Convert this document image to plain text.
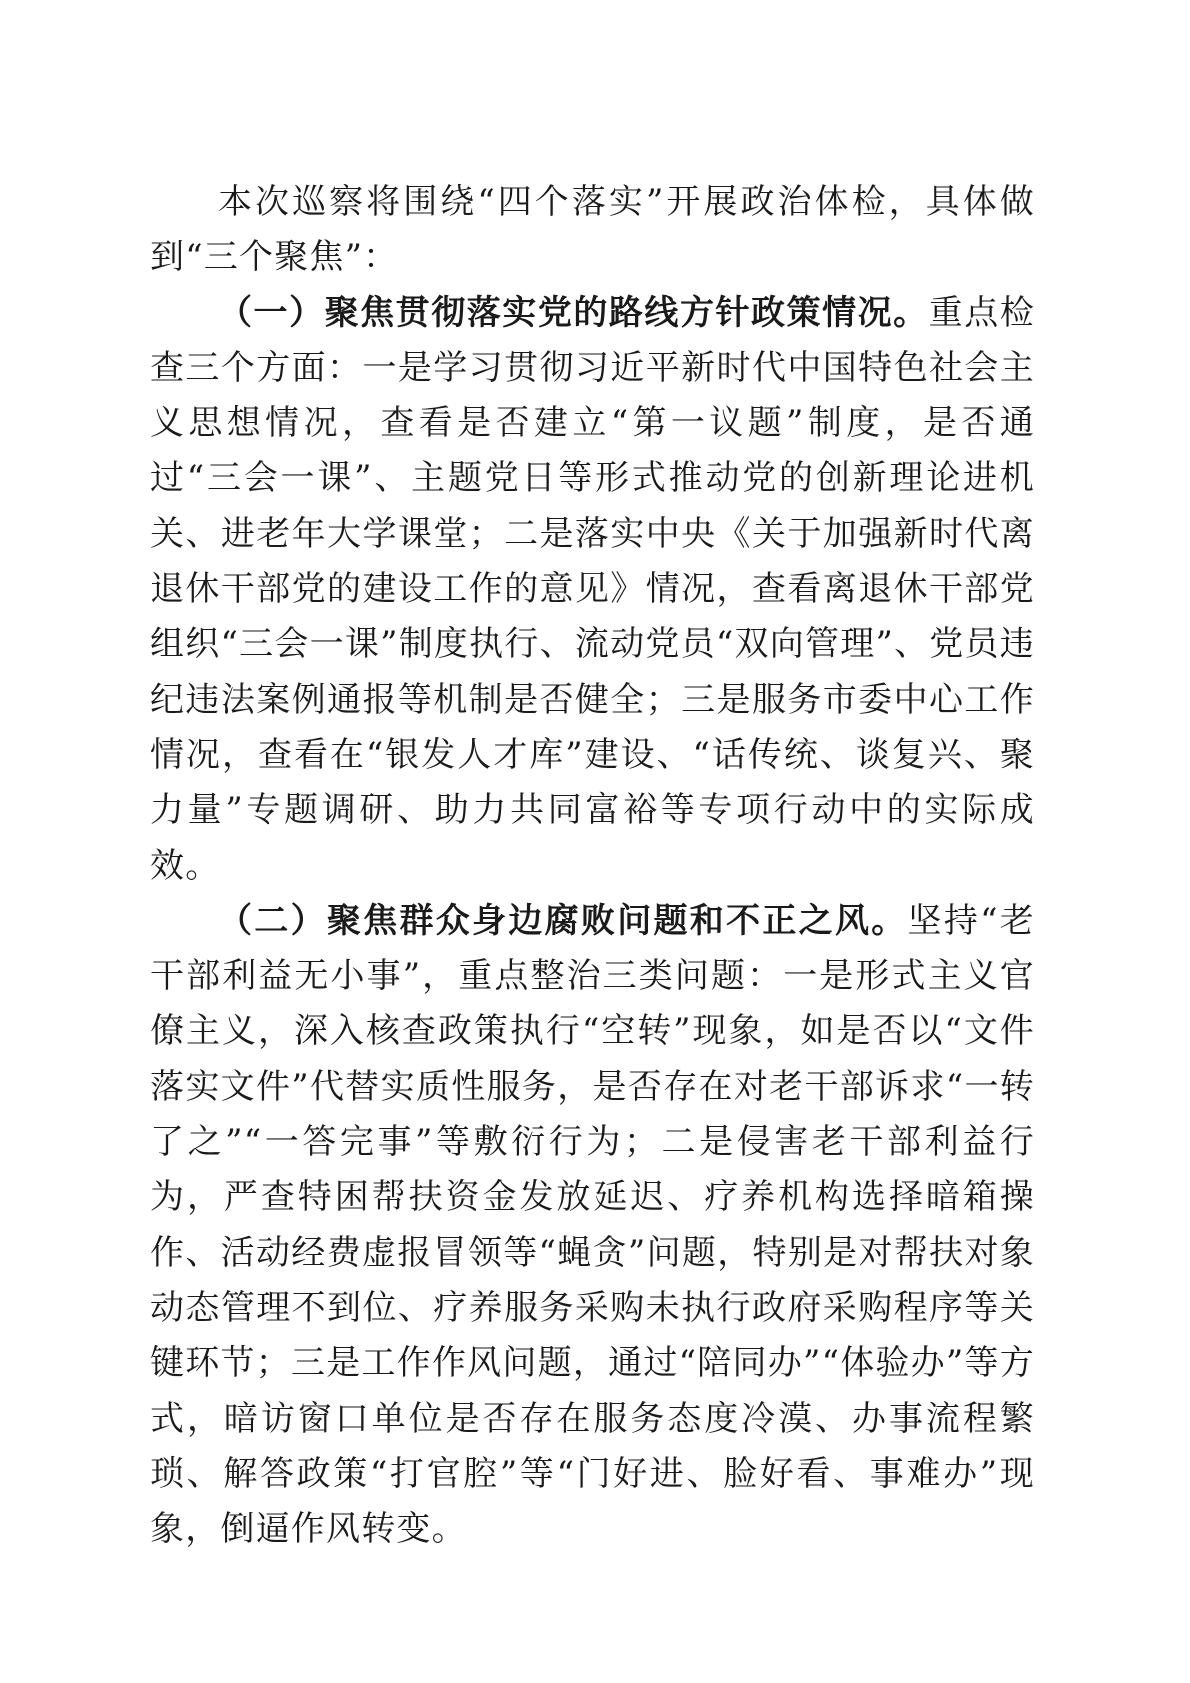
本次巡察将围绕“四个落实”开展政治体检，具体做到“三个聚焦”：

（一）聚焦贯彻落实党的路线方针政策情况。重点检查三个方面：一是学习贯彻习近平新时代中国特色社会主义思想情况，查看是否建立“第一议题”制度，是否通过“三会一课”、主题党日等形式推动党的创新理论进机关、进老年大学课堂；二是落实中央《关于加强新时代离退休干部党的建设工作的意见》情况，查看离退休干部党组织“三会一课”制度执行、流动党员“双向管理”、党员违纪违法案例通报等机制是否健全；三是服务市委中心工作情况，查看在“银发人才库”建设、“话传统、谈复兴、聚力量”专题调研、助力共同富裕等专项行动中的实际成效。

（二）聚焦群众身边腐败问题和不正之风。坚持“老干部利益无小事”，重点整治三类问题：一是形式主义官僚主义，深入核查政策执行“空转”现象，如是否以“文件落实文件”代替实质性服务，是否存在对老干部诉求“一转了之”“一答完事”等敷衍行为；二是侵害老干部利益行为，严查特困帮扶资金发放延迟、疗养机构选择暗箱操作、活动经费虚报冒领等“蝇贪”问题，特别是对帮扶对象动态管理不到位、疗养服务采购未执行政府采购程序等关键环节；三是工作作风问题，通过“陪同办”“体验办”等方式，暗访窗口单位是否存在服务态度冷漠、办事流程繁琐、解答政策“打官腔”等“门好进、脸好看、事难办”现象，倒逼作风转变。
